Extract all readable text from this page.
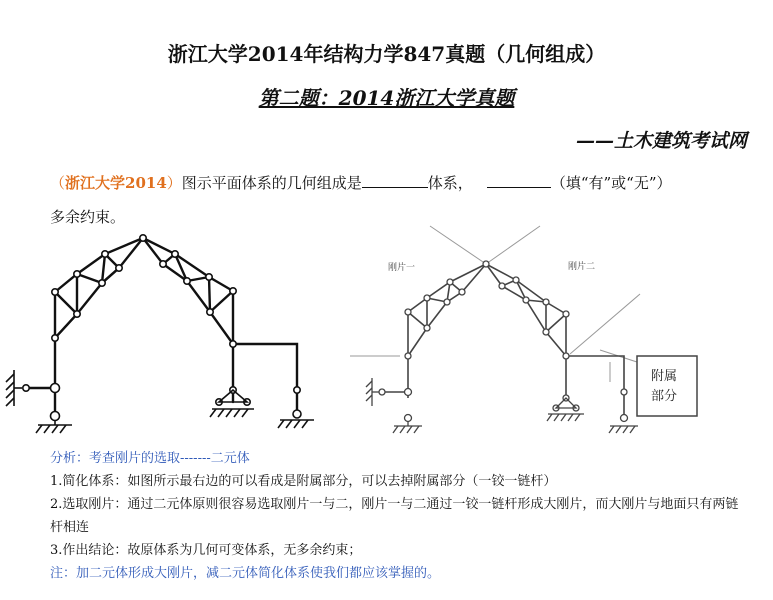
浙江大学2014年结构力学847真题（几何组成）
第二题：2014浙江大学真题
——土木建筑考试网
（浙江大学2014）图示平面体系的几何组成是	体系，	（填“有”或“无”）
多余约束。
刚片一	刚片二
附属
部分
分析：考查刚片的选取-------二元体
1.简化体系：如图所示最右边的可以看成是附属部分，可以去掉附属部分（一铰一链杆）
2.选取刚片：通过二元体原则很容易选取刚片一与二，刚片一与二通过一铰一链杆形成大刚片，而大刚片与地面只有两链杆相连
3.作出结论：故原体系为几何可变体系，无多余约束；
注：加二元体形成大刚片，减二元体简化体系使我们都应该掌握的。
